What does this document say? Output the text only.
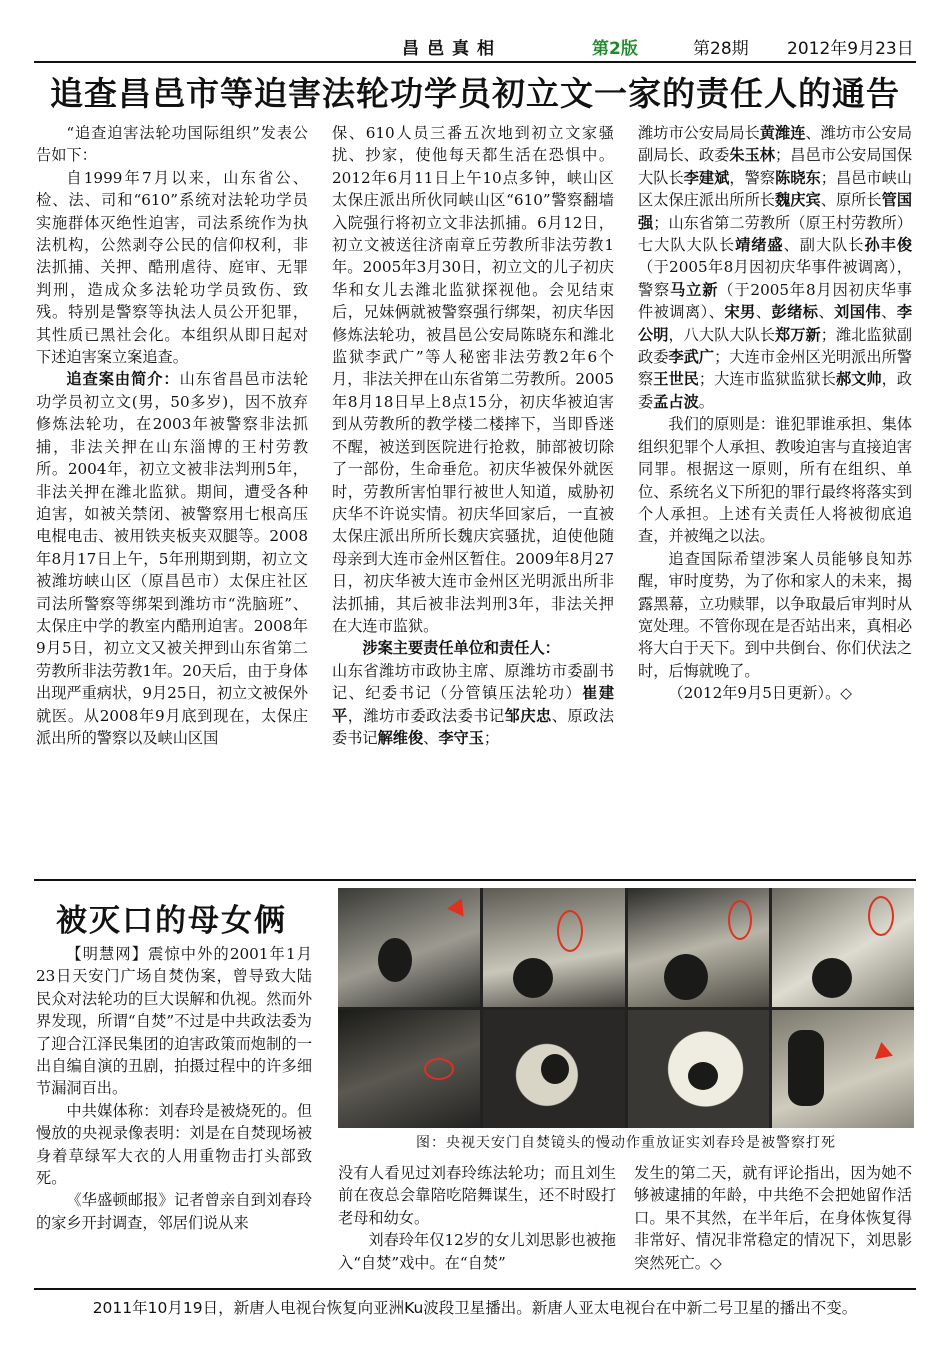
昌邑真相	第2版	第28期 2012年9月23日
追查昌邑市等迫害法轮功学员初立文一家的责任人的通告

“追查迫害法轮功国际组织”发表公告如下：

自1999年7月以来，山东省公、检、法、司和“610”系统对法轮功学员实施群体灭绝性迫害，司法系统作为执法机构，公然剥夺公民的信仰权利，非法抓捕、关押、酷刑虐待、庭审、无罪判刑，造成众多法轮功学员致伤、致残。特别是警察等执法人员公开犯罪，其性质已黑社会化。本组织从即日起对下述迫害案立案追查。

追查案由简介：山东省昌邑市法轮功学员初立文(男，50多岁)，因不放弃修炼法轮功，在2003年被警察非法抓捕，非法关押在山东淄博的王村劳教所。2004年，初立文被非法判刑5年，非法关押在潍北监狱。期间，遭受各种迫害，如被关禁闭、被警察用七根高压电棍电击、被用铁夹板夹双腿等。2008年8月17日上午，5年刑期到期，初立文被潍坊峡山区（原昌邑市）太保庄社区司法所警察等绑架到潍坊市“洗脑班”、太保庄中学的教室内酷刑迫害。2008年9月5日，初立文又被关押到山东省第二劳教所非法劳教1年。20天后，由于身体出现严重病状，9月25日，初立文被保外就医。从2008年9月底到现在，太保庄派出所的警察以及峡山区国

保、610人员三番五次地到初立文家骚扰、抄家，使他每天都生活在恐惧中。2012年6月11日上午10点多钟，峡山区太保庄派出所伙同峡山区“610”警察翻墙入院强行将初立文非法抓捕。6月12日，初立文被送往济南章丘劳教所非法劳教1年。2005年3月30日，初立文的儿子初庆华和女儿去潍北监狱探视他。会见结束后，兄妹俩就被警察强行绑架，初庆华因修炼法轮功，被昌邑公安局陈晓东和潍北监狱李武广”等人秘密非法劳教2年6个月，非法关押在山东省第二劳教所。2005年8月18日早上8点15分，初庆华被迫害到从劳教所的教学楼二楼摔下，当即昏迷不醒，被送到医院进行抢救，肺部被切除了一部份，生命垂危。初庆华被保外就医时，劳教所害怕罪行被世人知道，威胁初庆华不许说实情。初庆华回家后，一直被太保庄派出所所长魏庆宾骚扰，迫使他随母亲到大连市金州区暂住。2009年8月27日，初庆华被大连市金州区光明派出所非法抓捕，其后被非法判刑3年，非法关押在大连市监狱。

涉案主要责任单位和责任人：

山东省潍坊市政协主席、原潍坊市委副书记、纪委书记（分管镇压法轮功）崔建平，潍坊市委政法委书记邹庆忠、原政法委书记解维俊、李守玉；

潍坊市公安局局长黄潍连、潍坊市公安局副局长、政委朱玉林；昌邑市公安局国保大队长李建斌，警察陈晓东；昌邑市峡山区太保庄派出所所长魏庆宾、原所长管国强；山东省第二劳教所（原王村劳教所）七大队大队长靖绪盛、副大队长孙丰俊（于2005年8月因初庆华事件被调离），警察马立新（于2005年8月因初庆华事件被调离）、宋男、彭绪标、刘国伟、李公明，八大队大队长郑万新；潍北监狱副政委李武广；大连市金州区光明派出所警察王世民；大连市监狱监狱长郝文帅，政委孟占波。

我们的原则是：谁犯罪谁承担、集体组织犯罪个人承担、教唆迫害与直接迫害同罪。根据这一原则，所有在组织、单位、系统名义下所犯的罪行最终将落实到个人承担。上述有关责任人将被彻底追查，并被绳之以法。

追查国际希望涉案人员能够良知苏醒，审时度势，为了你和家人的未来，揭露黑幕，立功赎罪，以争取最后审判时从宽处理。不管你现在是否站出来，真相必将大白于天下。到中共倒台、你们伏法之时，后悔就晚了。

（2012年9月5日更新）。◇

被灭口的母女俩

【明慧网】震惊中外的2001年1月23日天安门广场自焚伪案，曾导致大陆民众对法轮功的巨大误解和仇视。然而外界发现，所谓“自焚”不过是中共政法委为了迎合江泽民集团的迫害政策而炮制的一出自编自演的丑剧，拍摄过程中的许多细节漏洞百出。

中共媒体称：刘春玲是被烧死的。但慢放的央视录像表明：刘是在自焚现场被身着草绿军大衣的人用重物击打头部致死。

《华盛顿邮报》记者曾亲自到刘春玲的家乡开封调查，邻居们说从来

图：央视天安门自焚镜头的慢动作重放证实刘春玲是被警察打死

没有人看见过刘春玲练法轮功；而且刘生前在夜总会靠陪吃陪舞谋生，还不时殴打老母和幼女。

刘春玲年仅12岁的女儿刘思影也被拖入“自焚”戏中。在“自焚”

发生的第二天，就有评论指出，因为她不够被逮捕的年龄，中共绝不会把她留作活口。果不其然，在半年后，在身体恢复得非常好、情况非常稳定的情况下，刘思影突然死亡。◇

2011年10月19日，新唐人电视台恢复向亚洲Ku波段卫星播出。新唐人亚太电视台在中新二号卫星的播出不变。
